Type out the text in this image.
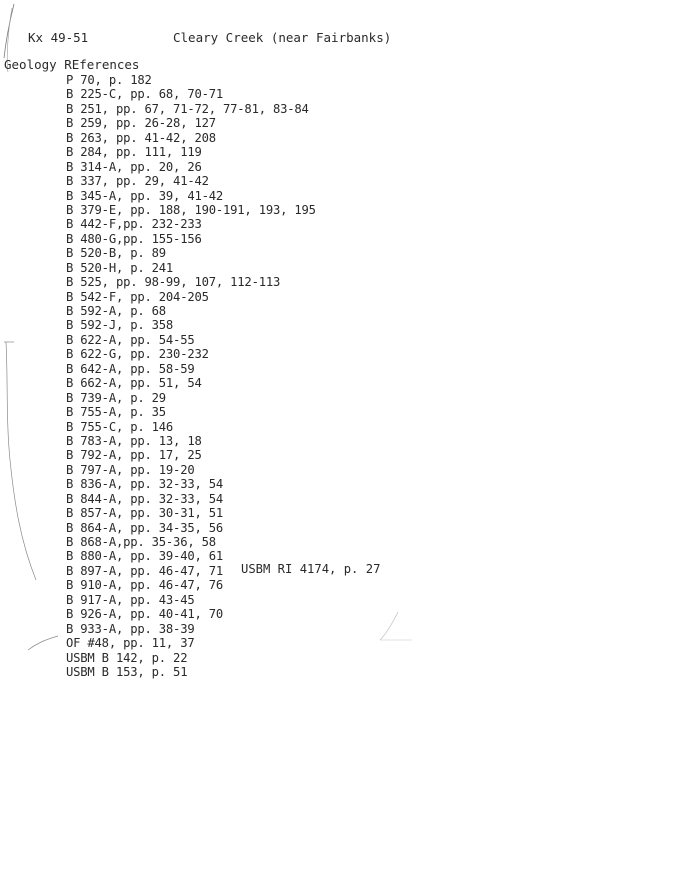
Kx 49-51	Cleary Creek (near Fairbanks)
Geology REferences
P 70, p. 182
B 225-C, pp. 68, 70-71
B 251, pp. 67, 71-72, 77-81, 83-84
B 259, pp. 26-28, 127
B 263, pp. 41-42, 208
B 284, pp. 111, 119
B 314-A, pp. 20, 26
B 337, pp. 29, 41-42
B 345-A, pp. 39, 41-42
B 379-E, pp. 188, 190-191, 193, 195
B 442-F,pp. 232-233
B 480-G,pp. 155-156
B 520-B, p. 89
B 520-H, p. 241
B 525, pp. 98-99, 107, 112-113
B 542-F, pp. 204-205
B 592-A, p. 68
B 592-J, p. 358
B 622-A, pp. 54-55
B 622-G, pp. 230-232
B 642-A, pp. 58-59
B 662-A, pp. 51, 54
B 739-A, p. 29
B 755-A, p. 35
B 755-C, p. 146
B 783-A, pp. 13, 18
B 792-A, pp. 17, 25
B 797-A, pp. 19-20
B 836-A, pp. 32-33, 54
B 844-A, pp. 32-33, 54
B 857-A, pp. 30-31, 51
B 864-A, pp. 34-35, 56
B 868-A,pp. 35-36, 58
B 880-A, pp. 39-40, 61
B 897-A, pp. 46-47, 71
B 910-A, pp. 46-47, 76
B 917-A, pp. 43-45
B 926-A, pp. 40-41, 70
B 933-A, pp. 38-39
OF #48, pp. 11, 37
USBM B 142, p. 22
USBM B 153, p. 51
USBM RI 4174, p. 27
